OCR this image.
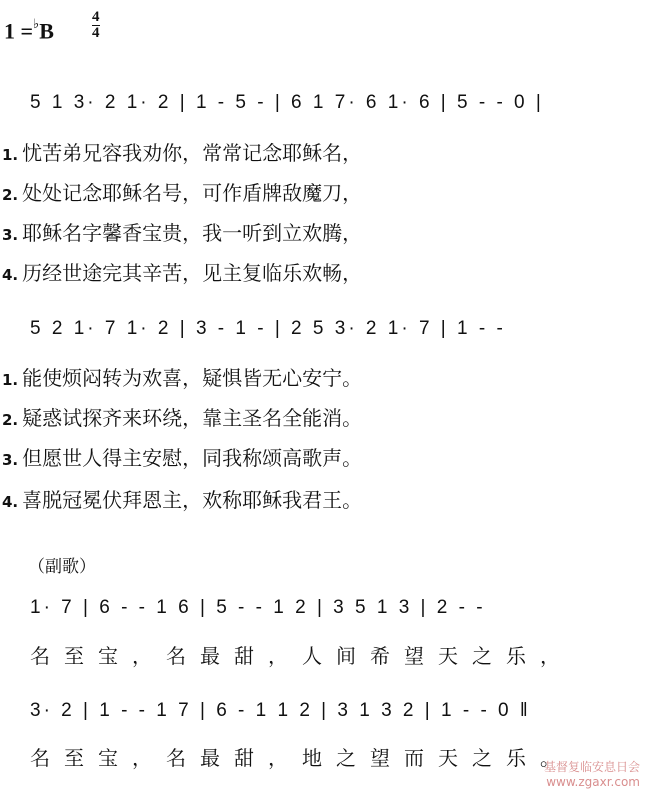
1 =♭B
4
4
5 1 3· 2 1· 2 | 1 - 5 - | 6 1 7· 6 1· 6 | 5 - - 0 |
1. 忧苦弟兄容我劝你，常常记念耶稣名，
2. 处处记念耶稣名号，可作盾牌敌魔刀，
3. 耶稣名字馨香宝贵，我一听到立欢腾，
4. 历经世途完其辛苦，见主复临乐欢畅，
5 2 1· 7 1· 2 | 3 - 1 - | 2 5 3· 2 1· 7 | 1 - -
1. 能使烦闷转为欢喜，疑惧皆无心安宁。
2. 疑惑试探齐来环绕，靠主圣名全能消。
3. 但愿世人得主安慰，同我称颂高歌声。
4. 喜脱冠冕伏拜恩主，欢称耶稣我君王。
（副歌）
1· 7 | 6 - - 1 6 | 5 - - 1 2 | 3 5 1 3 | 2 - -
名至宝，名最甜，人间希望天之乐，
3· 2 | 1 - - 1 7 | 6 - 1 1 2 | 3 1 3 2 | 1 - - 0 ‖
名至宝，名最甜，地之望而天之乐。
基督复临安息日会
www.zgaxr.com
